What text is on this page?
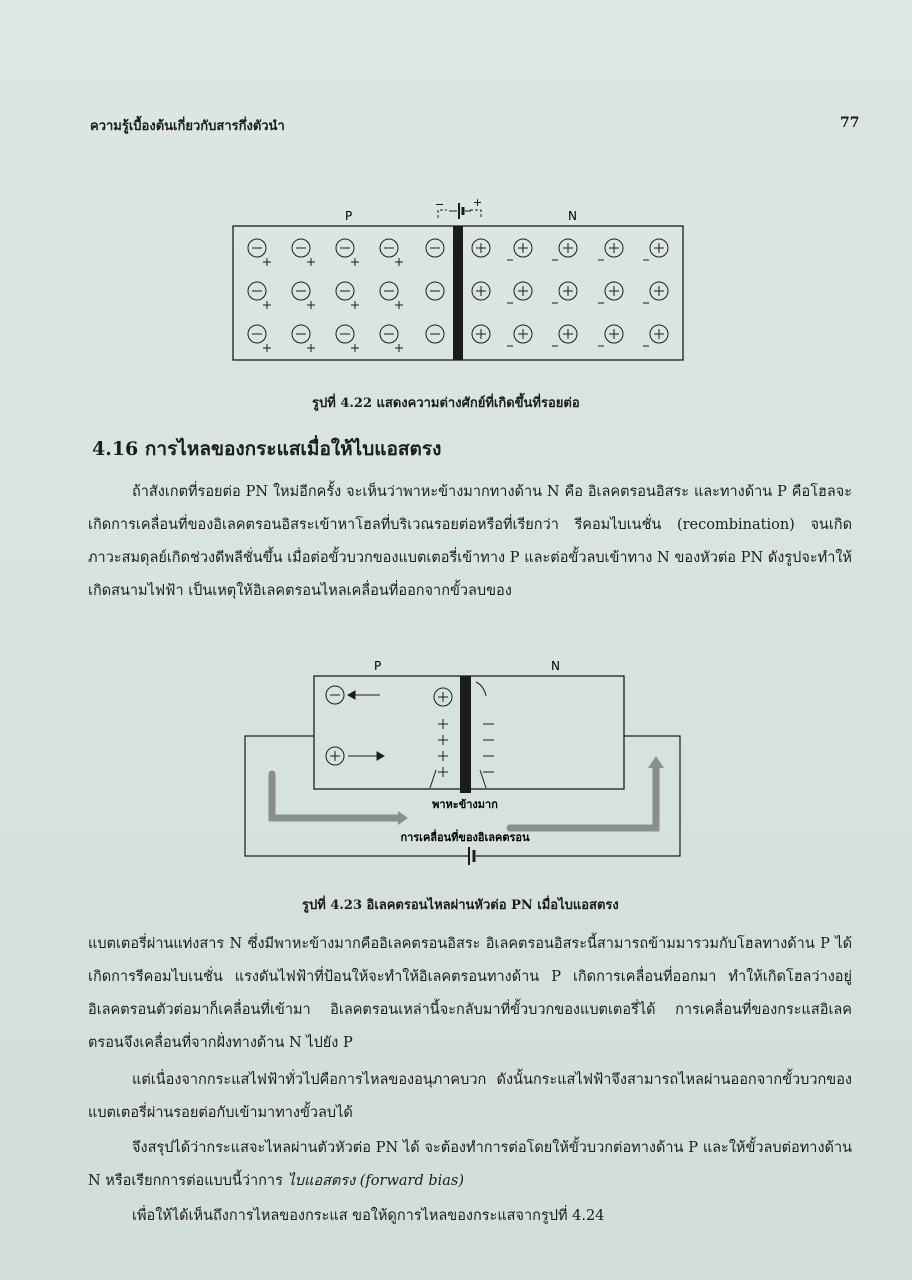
ความรู้เบื้องต้นเกี่ยวกับสารกึ่งตัวนำ	77
P	N
−	+
รูปที่ 4.22 แสดงความต่างศักย์ที่เกิดขึ้นที่รอยต่อ
4.16 การไหลของกระแสเมื่อให้ไบแอสตรง

ถ้าสังเกตที่รอยต่อ PN ใหม่อีกครั้ง จะเห็นว่าพาหะข้างมากทางด้าน N คือ อิเลคตรอนอิสระ และทางด้าน P คือโฮลจะเกิดการเคลื่อนที่ของอิเลคตรอนอิสระเข้าหาโฮลที่บริเวณรอยต่อหรือที่เรียกว่า รีคอมไบเนชั่น (recombination) จนเกิดภาวะสมดุลย์เกิดช่วงดีพลีชั่นขึ้น เมื่อต่อขั้วบวกของแบตเตอรี่เข้าทาง P และต่อขั้วลบเข้าทาง N ของหัวต่อ PN ดังรูปจะทำให้เกิดสนามไฟฟ้า เป็นเหตุให้อิเลคตรอนไหลเคลื่อนที่ออกจากขั้วลบของ

P	N
พาหะข้างมาก
การเคลื่อนที่ของอิเลคตรอน
รูปที่ 4.23 อิเลคตรอนไหลผ่านหัวต่อ PN เมื่อไบแอสตรง

แบตเตอรี่ผ่านแท่งสาร N ซึ่งมีพาหะข้างมากคืออิเลคตรอนอิสระ อิเลคตรอนอิสระนี้สามารถข้ามมารวมกับโฮลทางด้าน P ได้ เกิดการรีคอมไบเนชั่น แรงดันไฟฟ้าที่ป้อนให้จะทำให้อิเลคตรอนทางด้าน P เกิดการเคลื่อนที่ออกมา ทำให้เกิดโฮลว่างอยู่อิเลคตรอนตัวต่อมาก็เคลื่อนที่เข้ามา อิเลคตรอนเหล่านี้จะกลับมาที่ขั้วบวกของแบตเตอรี่ได้ การเคลื่อนที่ของกระแสอิเลคตรอนจึงเคลื่อนที่จากฝั่งทางด้าน N ไปยัง P

แต่เนื่องจากกระแสไฟฟ้าทั่วไปคือการไหลของอนุภาคบวก ดังนั้นกระแสไฟฟ้าจึงสามารถไหลผ่านออกจากขั้วบวกของแบตเตอรี่ผ่านรอยต่อกับเข้ามาทางขั้วลบได้

จึงสรุปได้ว่ากระแสจะไหลผ่านตัวหัวต่อ PN ได้ จะต้องทำการต่อโดยให้ขั้วบวกต่อทางด้าน P และให้ขั้วลบต่อทางด้าน N หรือเรียกการต่อแบบนี้ว่าการ ไบแอสตรง (forward bias)

เพื่อให้ได้เห็นถึงการไหลของกระแส ขอให้ดูการไหลของกระแสจากรูปที่ 4.24
